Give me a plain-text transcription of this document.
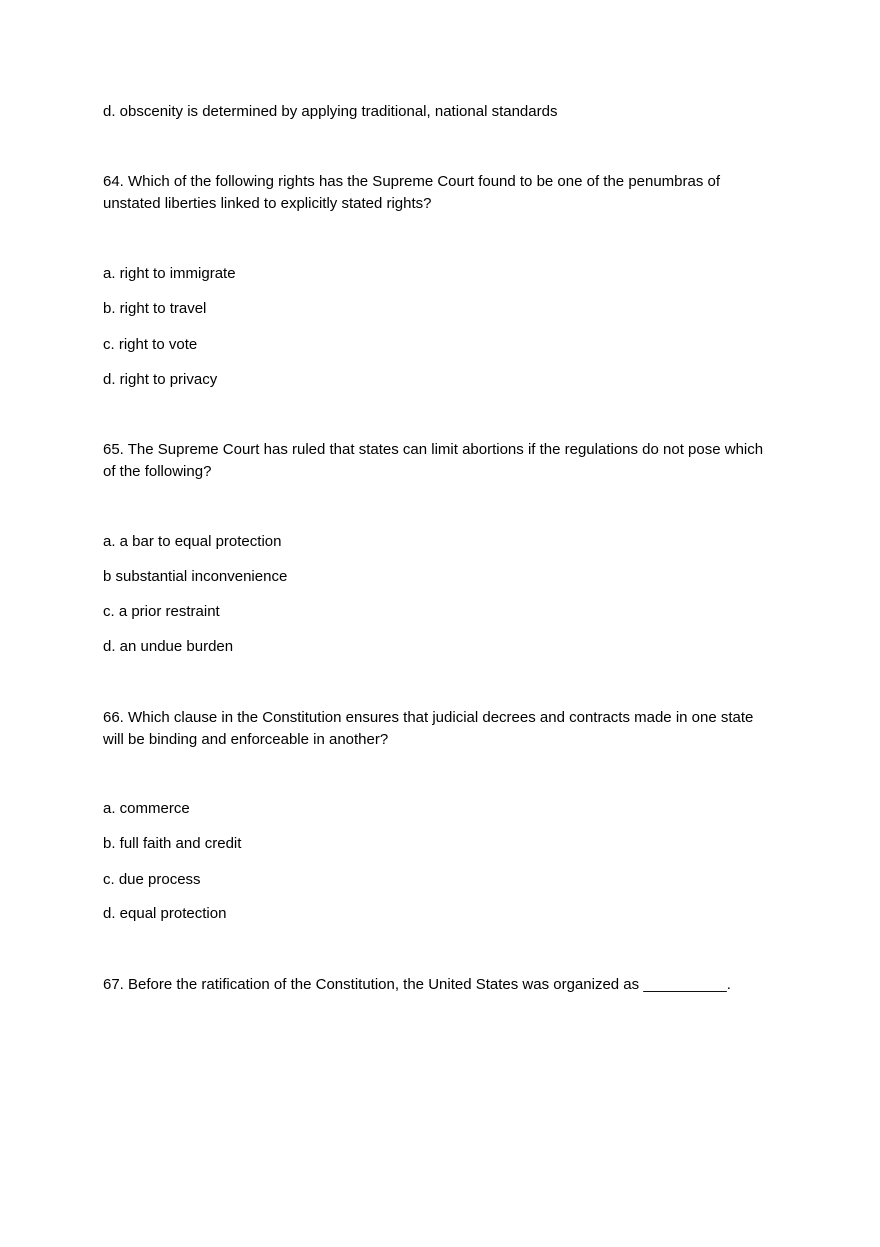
d. obscenity is determined by applying traditional, national standards

64. Which of the following rights has the Supreme Court found to be one of the penumbras of
unstated liberties linked to explicitly stated rights?

a. right to immigrate

b. right to travel

c. right to vote

d. right to privacy

65. The Supreme Court has ruled that states can limit abortions if the regulations do not pose which
of the following?

a. a bar to equal protection

b substantial inconvenience

c. a prior restraint

d. an undue burden

66. Which clause in the Constitution ensures that judicial decrees and contracts made in one state
will be binding and enforceable in another?

a. commerce

b. full faith and credit

c. due process

d. equal protection

67. Before the ratification of the Constitution, the United States was organized as __________.
